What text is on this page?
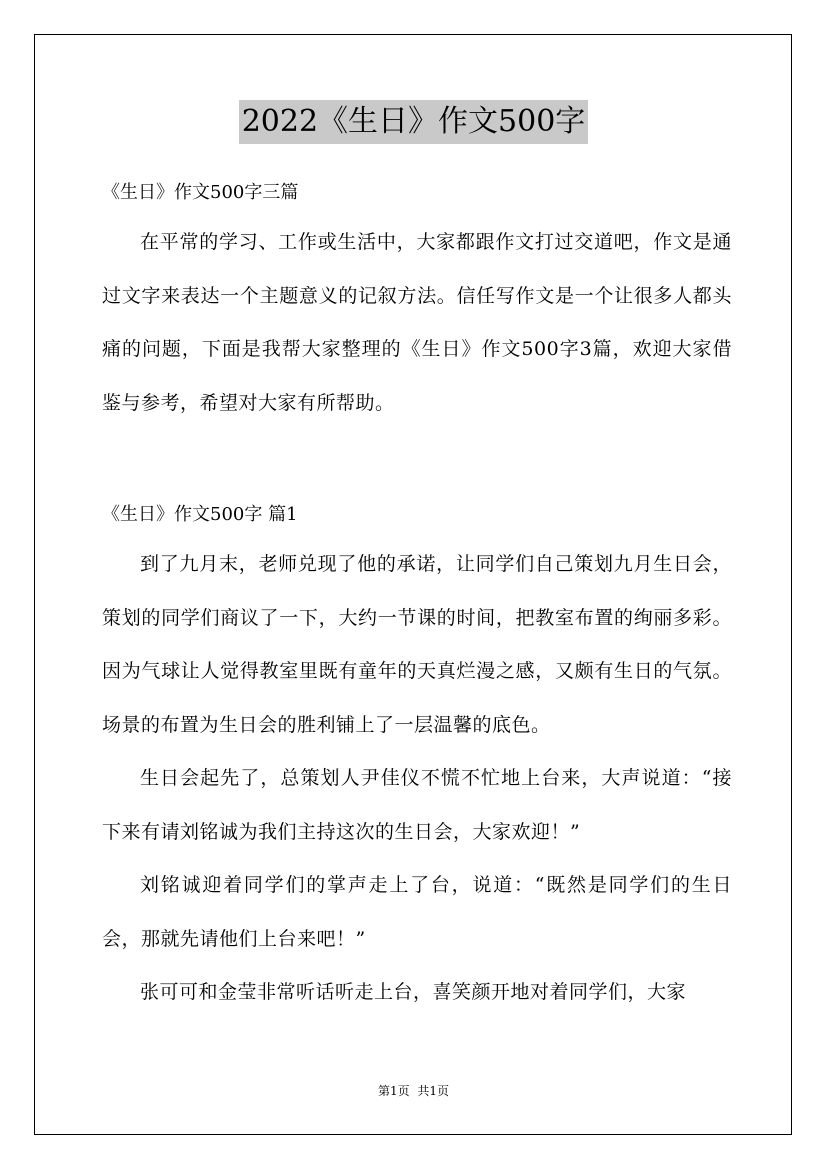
2022《生日》作文500字

《生日》作文500字三篇

在平常的学习、工作或生活中，大家都跟作文打过交道吧，作文是通过文字来表达一个主题意义的记叙方法。信任写作文是一个让很多人都头痛的问题，下面是我帮大家整理的《生日》作文500字3篇，欢迎大家借鉴与参考，希望对大家有所帮助。

《生日》作文500字 篇1

到了九月末，老师兑现了他的承诺，让同学们自己策划九月生日会，策划的同学们商议了一下，大约一节课的时间，把教室布置的绚丽多彩。因为气球让人觉得教室里既有童年的天真烂漫之感，又颇有生日的气氛。场景的布置为生日会的胜利铺上了一层温馨的底色。

生日会起先了，总策划人尹佳仪不慌不忙地上台来，大声说道：“接下来有请刘铭诚为我们主持这次的生日会，大家欢迎！”

刘铭诚迎着同学们的掌声走上了台，说道：“既然是同学们的生日会，那就先请他们上台来吧！”

张可可和金莹非常听话听走上台，喜笑颜开地对着同学们，大家

第1页 共1页
